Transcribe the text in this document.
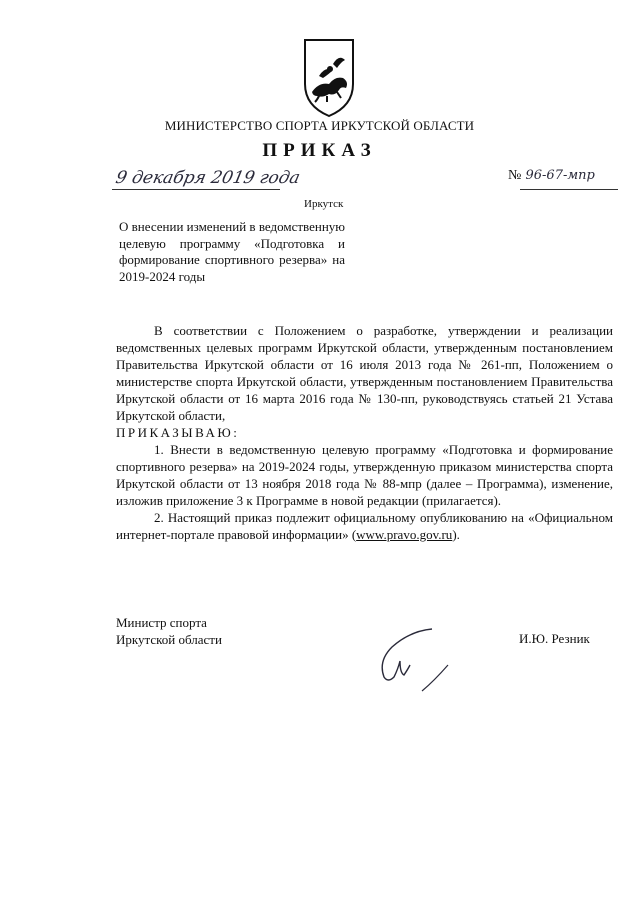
МИНИСТЕРСТВО СПОРТА ИРКУТСКОЙ ОБЛАСТИ
ПРИКАЗ
9 декабря 2019 года	№ 96-67-мпр
Иркутск
О внесении изменений в ведомственную целевую программу «Подготовка и формирование спортивного резерва» на 2019-2024 годы

В соответствии с Положением о разработке, утверждении и реализации ведомственных целевых программ Иркутской области, утвержденным постановлением Правительства Иркутской области от 16 июля 2013 года № 261-пп, Положением о министерстве спорта Иркутской области, утвержденным постановлением Правительства Иркутской области от 16 марта 2016 года № 130-пп, руководствуясь статьей 21 Устава Иркутской области,

ПРИКАЗЫВАЮ:

1. Внести в ведомственную целевую программу «Подготовка и формирование спортивного резерва» на 2019-2024 годы, утвержденную приказом министерства спорта Иркутской области от 13 ноября 2018 года № 88-мпр (далее – Программа), изменение, изложив приложение 3 к Программе в новой редакции (прилагается).

2. Настоящий приказ подлежит официальному опубликованию на «Официальном интернет-портале правовой информации» (www.pravo.gov.ru).

Министр спорта
Иркутской области	И.Ю. Резник
